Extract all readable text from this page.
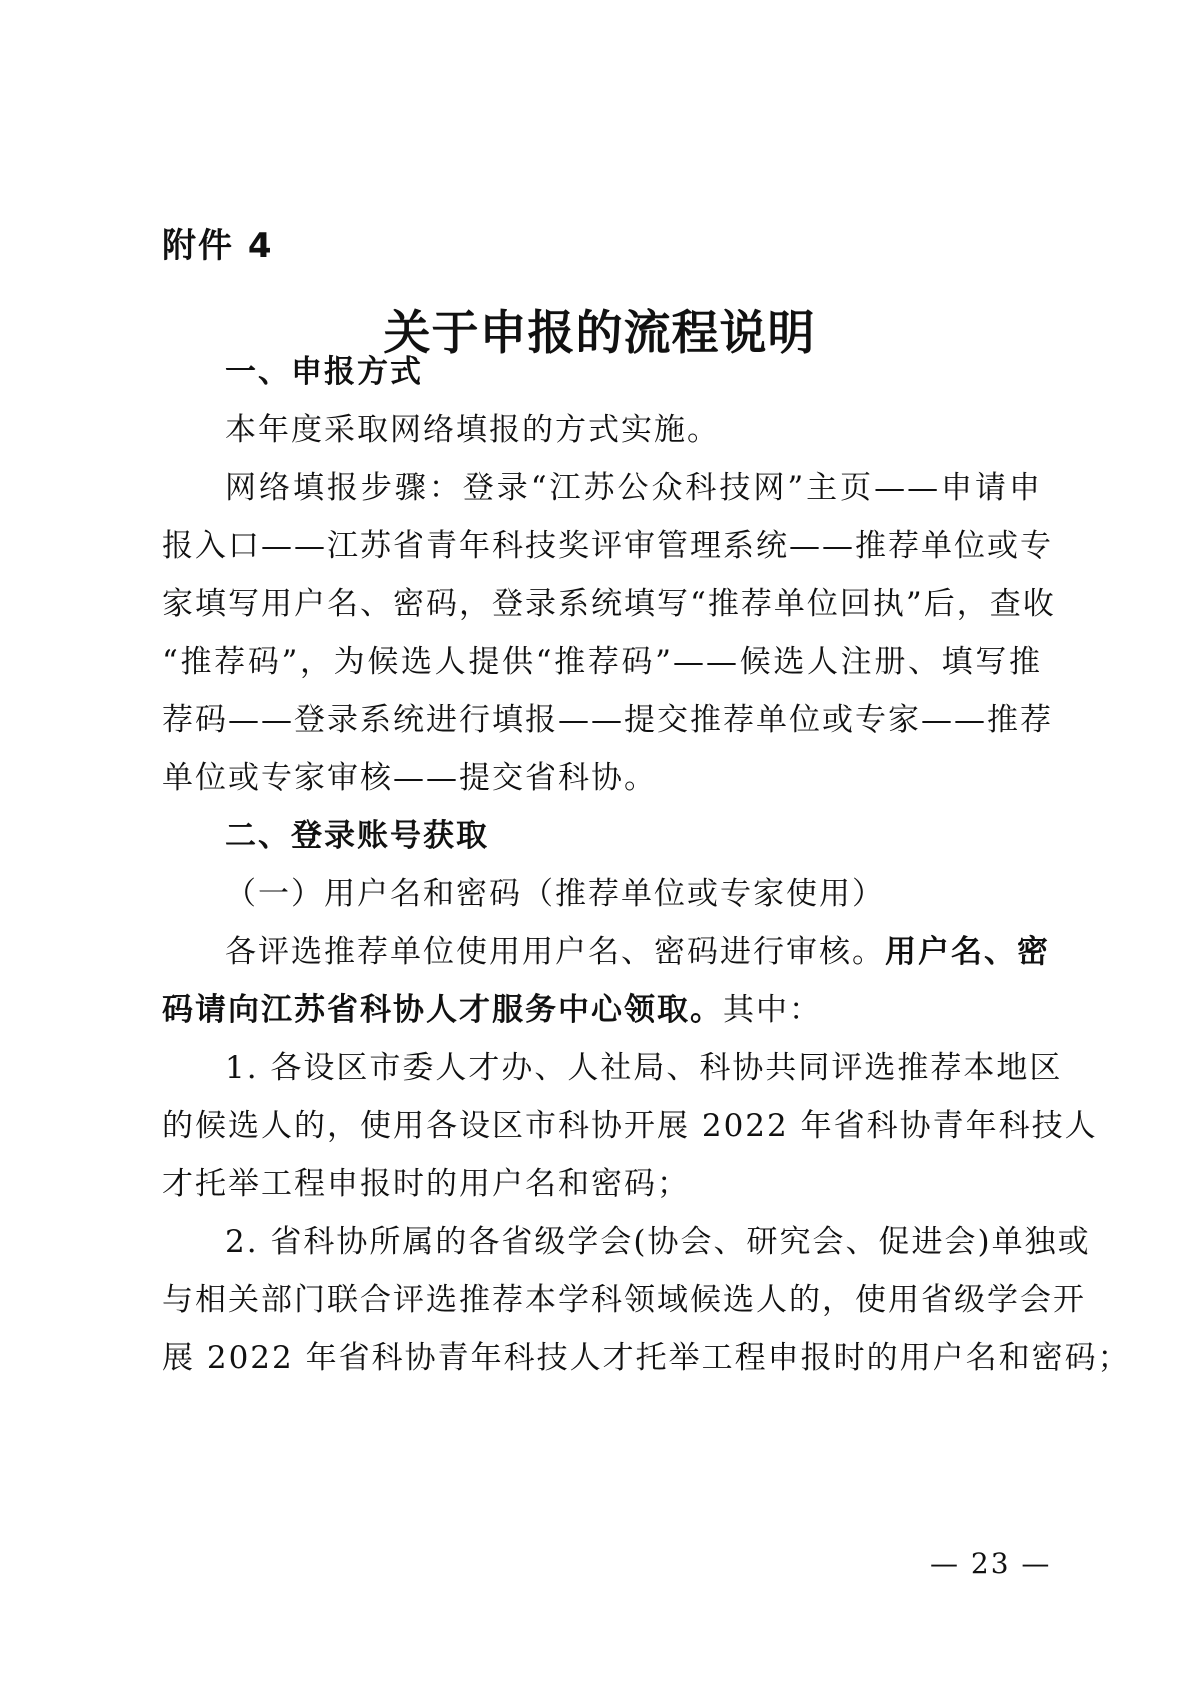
附件 4
关于申报的流程说明
一、申报方式
本年度采取网络填报的方式实施。
网络填报步骤：登录“江苏公众科技网”主页——申请申
报入口——江苏省青年科技奖评审管理系统——推荐单位或专
家填写用户名、密码，登录系统填写“推荐单位回执”后，查收
“推荐码”，为候选人提供“推荐码”——候选人注册、填写推
荐码——登录系统进行填报——提交推荐单位或专家——推荐
单位或专家审核——提交省科协。
二、登录账号获取
（一）用户名和密码（推荐单位或专家使用）
各评选推荐单位使用用户名、密码进行审核。用户名、密
码请向江苏省科协人才服务中心领取。其中：
1. 各设区市委人才办、人社局、科协共同评选推荐本地区
的候选人的，使用各设区市科协开展 2022 年省科协青年科技人
才托举工程申报时的用户名和密码；
2. 省科协所属的各省级学会(协会、研究会、促进会)单独或
与相关部门联合评选推荐本学科领域候选人的，使用省级学会开
展 2022 年省科协青年科技人才托举工程申报时的用户名和密码；
— 23 —
